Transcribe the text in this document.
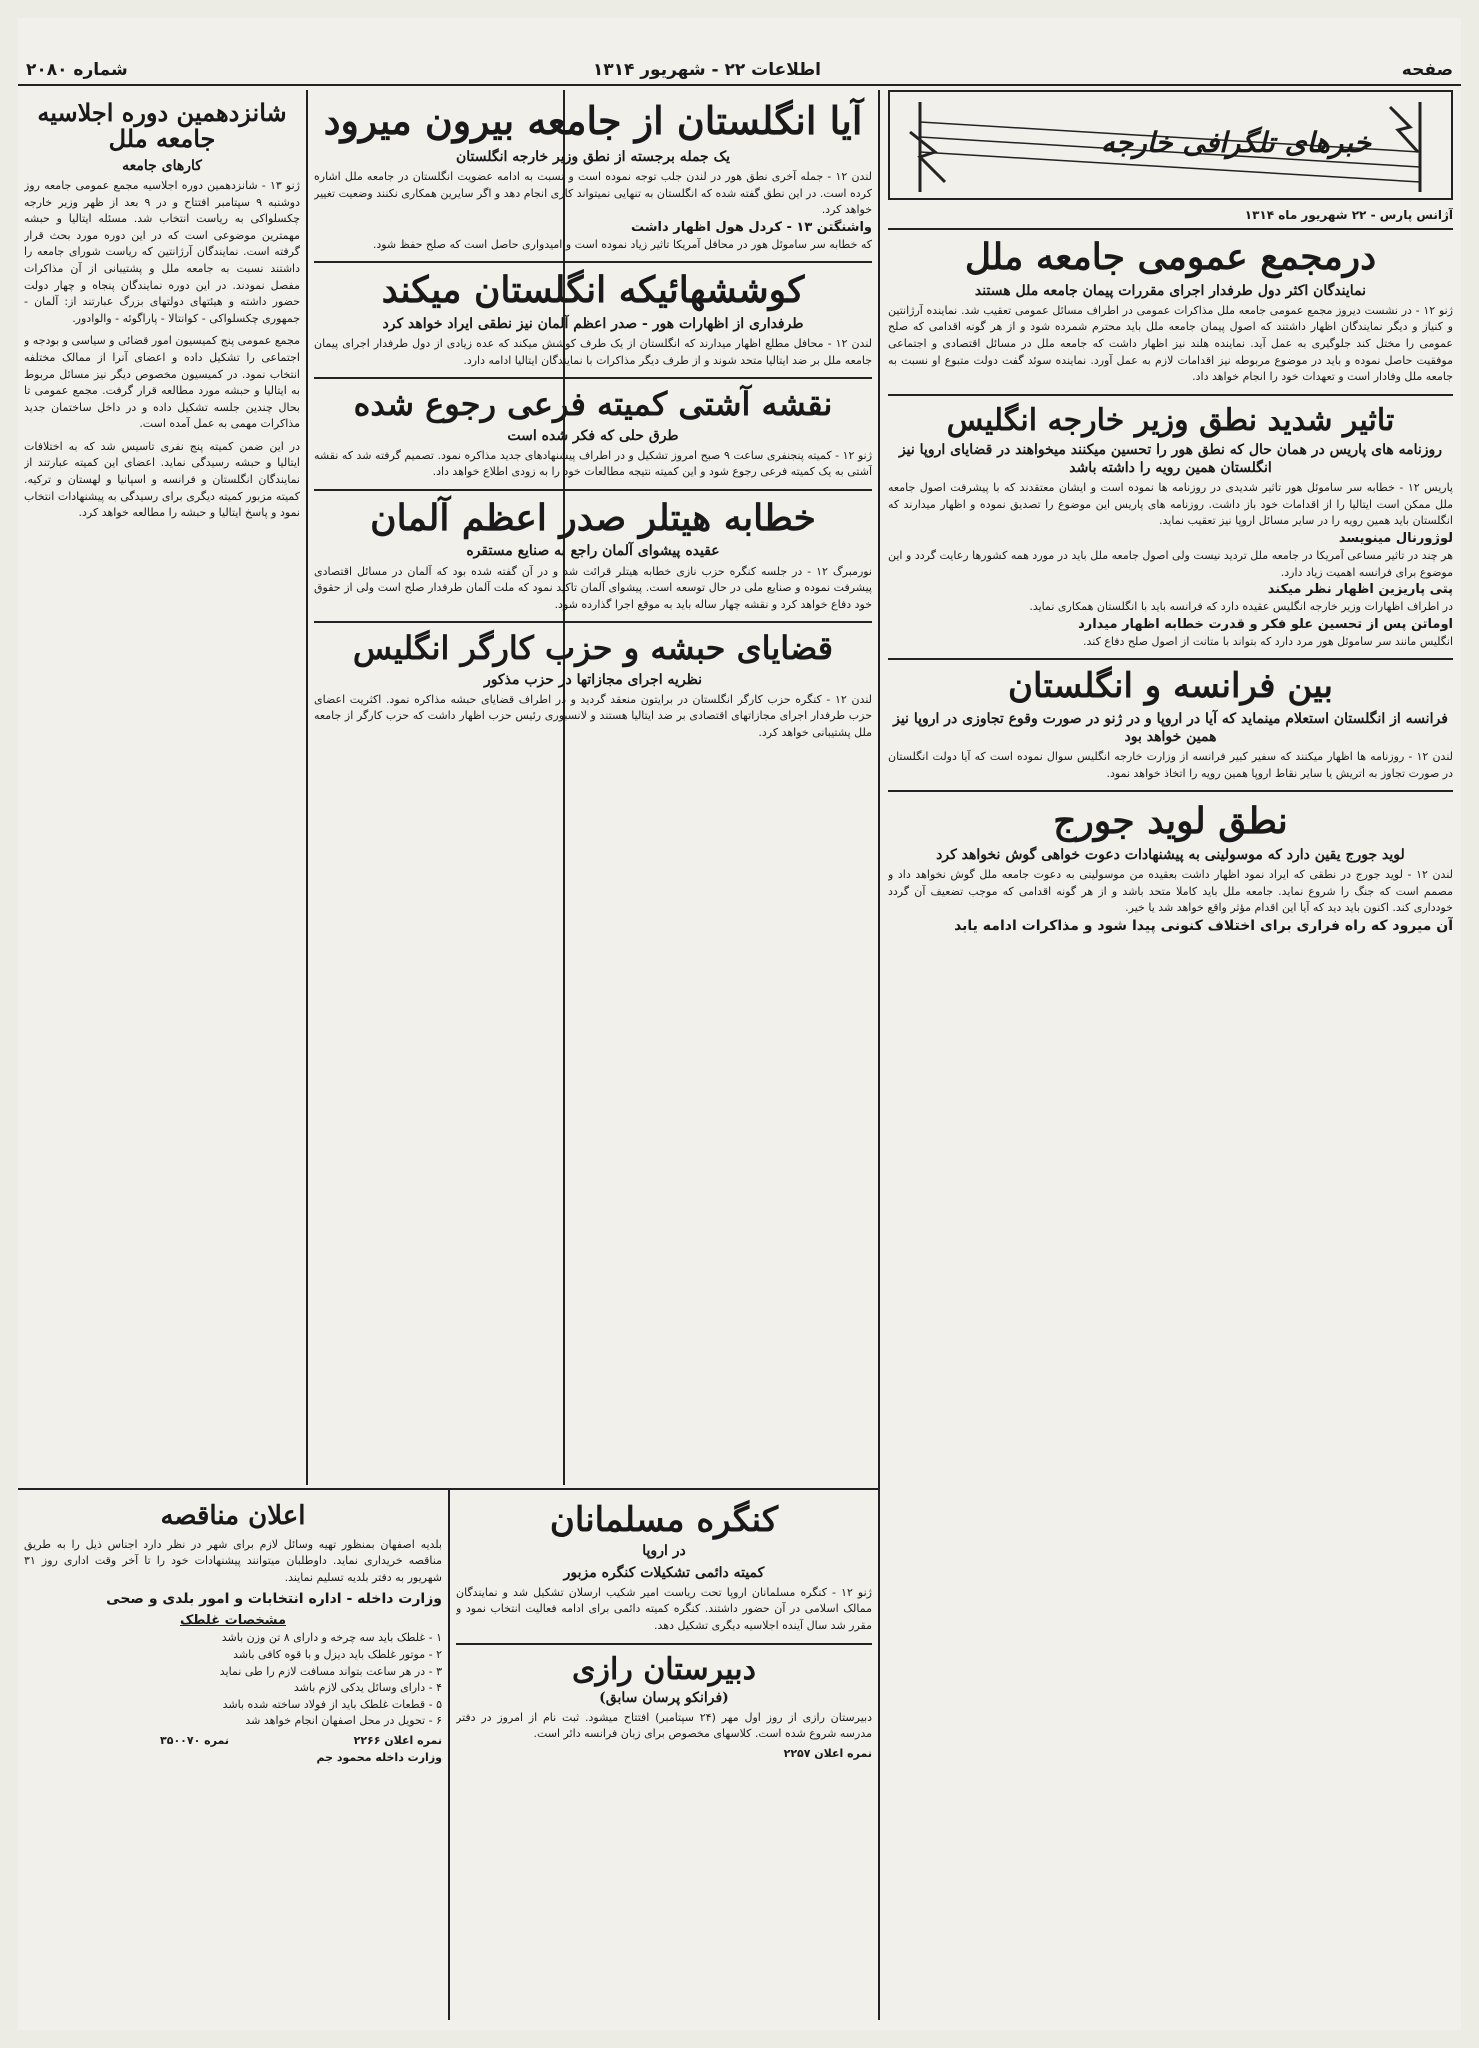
صفحه
اطلاعات ۲۲ - شهریور ۱۳۱۴
شماره ۲۰۸۰
خبرهای تلگرافی خارجه
آژانس پارس - ۲۲ شهریور ماه ۱۳۱۴
درمجمع عمومی جامعه ملل
نمایندگان اکثر دول طرفدار اجرای مقررات پیمان جامعه ملل هستند
ژنو ۱۲ - در نشست دیروز مجمع عمومی جامعه ملل مذاکرات عمومی در اطراف مسائل عمومی تعقیب شد. نماینده آرژانتین و کنیاز و دیگر نمایندگان اظهار داشتند که اصول پیمان جامعه ملل باید محترم شمرده شود و از هر گونه اقدامی که صلح عمومی را مختل کند جلوگیری به عمل آید. نماینده هلند نیز اظهار داشت که جامعه ملل در مسائل اقتصادی و اجتماعی موفقیت حاصل نموده و باید در موضوع مربوطه نیز اقدامات لازم به عمل آورد. نماینده سوئد گفت دولت متبوع او نسبت به جامعه ملل وفادار است و تعهدات خود را انجام خواهد داد.
تاثیر شدید نطق وزیر خارجه انگلیس
روزنامه های پاریس در همان حال که نطق هور را تحسین میکنند میخواهند در قضایای اروپا نیز انگلستان همین رویه را داشته باشد
پاریس ۱۲ - خطابه سر ساموئل هور تاثیر شدیدی در روزنامه ها نموده است و ایشان معتقدند که با پیشرفت اصول جامعه ملل ممکن است ایتالیا را از اقدامات خود باز داشت. روزنامه های پاریس این موضوع را تصدیق نموده و اظهار میدارند که انگلستان باید همین رویه را در سایر مسائل اروپا نیز تعقیب نماید.
لوژورنال مینویسد
هر چند در تاثیر مساعی آمریکا در جامعه ملل تردید نیست ولی اصول جامعه ملل باید در مورد همه کشورها رعایت گردد و این موضوع برای فرانسه اهمیت زیاد دارد.
پتی پاریزین اظهار نظر میکند
در اطراف اظهارات وزیر خارجه انگلیس عقیده دارد که فرانسه باید با انگلستان همکاری نماید.
اوماتن پس از تحسین علو فکر و قدرت خطابه اظهار میدارد
انگلیس مانند سر ساموئل هور مرد دارد که بتواند با متانت از اصول صلح دفاع کند.
بین فرانسه و انگلستان
فرانسه از انگلستان استعلام مینماید که آیا در اروپا و در ژنو در صورت وقوع تجاوزی در اروپا نیز همین خواهد بود
لندن ۱۲ - روزنامه ها اظهار میکنند که سفیر کبیر فرانسه از وزارت خارجه انگلیس سوال نموده است که آیا دولت انگلستان در صورت تجاوز به اتریش یا سایر نقاط اروپا همین رویه را اتخاذ خواهد نمود.
نطق لوید جورج
لوید جورج یقین دارد که موسولینی به پیشنهادات دعوت خواهی گوش نخواهد کرد
لندن ۱۲ - لوید جورج در نطقی که ایراد نمود اظهار داشت بعقیده من موسولینی به دعوت جامعه ملل گوش نخواهد داد و مصمم است که جنگ را شروع نماید. جامعه ملل باید کاملا متحد باشد و از هر گونه اقدامی که موجب تضعیف آن گردد خودداری کند. اکنون باید دید که آیا این اقدام مؤثر واقع خواهد شد یا خیر.
آن میرود که راه فراری برای اختلاف کنونی پیدا شود و مذاکرات ادامه یابد
آیا انگلستان از جامعه بیرون میرود
یک جمله برجسته از نطق وزیر خارجه انگلستان
لندن ۱۲ - جمله آخری نطق هور در لندن جلب توجه نموده است و نسبت به ادامه عضویت انگلستان در جامعه ملل اشاره کرده است. در این نطق گفته شده که انگلستان به تنهایی نمیتواند کاری انجام دهد و اگر سایرین همکاری نکنند وضعیت تغییر خواهد کرد.
واشنگتن ۱۳ - کردل هول اظهار داشت
که خطابه سر ساموئل هور در محافل آمریکا تاثیر زیاد نموده است و امیدواری حاصل است که صلح حفظ شود.
کوششهائیکه انگلستان میکند
طرفداری از اظهارات هور - صدر اعظم آلمان نیز نطقی ایراد خواهد کرد
لندن ۱۲ - محافل مطلع اظهار میدارند که انگلستان از یک طرف کوشش میکند که عده زیادی از دول طرفدار اجرای پیمان جامعه ملل بر ضد ایتالیا متحد شوند و از طرف دیگر مذاکرات با نمایندگان ایتالیا ادامه دارد.
نقشه آشتی کمیته فرعی رجوع شده
طرق حلی که فکر شده است
ژنو ۱۲ - کمیته پنجنفری ساعت ۹ صبح امروز تشکیل و در اطراف پیشنهادهای جدید مذاکره نمود. تصمیم گرفته شد که نقشه آشتی به یک کمیته فرعی رجوع شود و این کمیته نتیجه مطالعات خود را به زودی اطلاع خواهد داد.
خطابه هیتلر صدر اعظم آلمان
عقیده پیشوای آلمان راجع به صنایع مستقره
نورمبرگ ۱۲ - در جلسه کنگره حزب نازی خطابه هیتلر قرائت شد و در آن گفته شده بود که آلمان در مسائل اقتصادی پیشرفت نموده و صنایع ملی در حال توسعه است. پیشوای آلمان تاکید نمود که ملت آلمان طرفدار صلح است ولی از حقوق خود دفاع خواهد کرد و نقشه چهار ساله باید به موقع اجرا گذارده شود.
قضایای حبشه و حزب کارگر انگلیس
نظریه اجرای مجازاتها در حزب مذکور
لندن ۱۲ - کنگره حزب کارگر انگلستان در برایتون منعقد گردید و در اطراف قضایای حبشه مذاکره نمود. اکثریت اعضای حزب طرفدار اجرای مجازاتهای اقتصادی بر ضد ایتالیا هستند و لانسبوری رئیس حزب اظهار داشت که حزب کارگر از جامعه ملل پشتیبانی خواهد کرد.
شانزدهمین دوره اجلاسیه جامعه ملل
کارهای جامعه
ژنو ۱۳ - شانزدهمین دوره اجلاسیه مجمع عمومی جامعه روز دوشنبه ۹ سپتامبر افتتاح و در ۹ بعد از ظهر وزیر خارجه چکسلواکی به ریاست انتخاب شد. مسئله ایتالیا و حبشه مهمترین موضوعی است که در این دوره مورد بحث قرار گرفته است. نمایندگان آرژانتین که ریاست شورای جامعه را داشتند نسبت به جامعه ملل و پشتیبانی از آن مذاکرات مفصل نمودند. در این دوره نمایندگان پنجاه و چهار دولت حضور داشته و هیئتهای دولتهای بزرگ عبارتند از: آلمان - جمهوری چکسلواکی - کوانتالا - پاراگوئه - والوادور.
مجمع عمومی پنج کمیسیون امور قضائی و سیاسی و بودجه و اجتماعی را تشکیل داده و اعضای آنرا از ممالک مختلفه انتخاب نمود. در کمیسیون مخصوص دیگر نیز مسائل مربوط به ایتالیا و حبشه مورد مطالعه قرار گرفت. مجمع عمومی تا بحال چندین جلسه تشکیل داده و در داخل ساختمان جدید مذاکرات مهمی به عمل آمده است.
در این ضمن کمیته پنج نفری تاسیس شد که به اختلافات ایتالیا و حبشه رسیدگی نماید. اعضای این کمیته عبارتند از نمایندگان انگلستان و فرانسه و اسپانیا و لهستان و ترکیه. کمیته مزبور کمیته دیگری برای رسیدگی به پیشنهادات انتخاب نمود و پاسخ ایتالیا و حبشه را مطالعه خواهد کرد.
اعلان مناقصه
بلدیه اصفهان بمنظور تهیه وسائل لازم برای شهر در نظر دارد اجناس ذیل را به طریق مناقصه خریداری نماید. داوطلبان میتوانند پیشنهادات خود را تا آخر وقت اداری روز ۳۱ شهریور به دفتر بلدیه تسلیم نمایند.
وزارت داخله - اداره انتخابات و امور بلدی و صحی
مشخصات غلطک
۱ - غلطک باید سه چرخه و دارای ۸ تن وزن باشد
۲ - موتور غلطک باید دیزل و با قوه کافی باشد
۳ - در هر ساعت بتواند مسافت لازم را طی نماید
۴ - دارای وسائل یدکی لازم باشد
۵ - قطعات غلطک باید از فولاد ساخته شده باشد
۶ - تحویل در محل اصفهان انجام خواهد شد
نمره اعلان ۲۲۶۶
نمره ۳۵۰۰۷۰
وزارت داخله محمود جم
کنگره مسلمانان
در اروپا
کمیته دائمی تشکیلات کنگره مزبور
ژنو ۱۲ - کنگره مسلمانان اروپا تحت ریاست امیر شکیب ارسلان تشکیل شد و نمایندگان ممالک اسلامی در آن حضور داشتند. کنگره کمیته دائمی برای ادامه فعالیت انتخاب نمود و مقرر شد سال آینده اجلاسیه دیگری تشکیل دهد.
دبیرستان رازی
(فرانکو پرسان سابق)
دبیرستان رازی از روز اول مهر (۲۴ سپتامبر) افتتاح میشود. ثبت نام از امروز در دفتر مدرسه شروع شده است. کلاسهای مخصوص برای زبان فرانسه دائر است.
نمره اعلان ۲۲۵۷
